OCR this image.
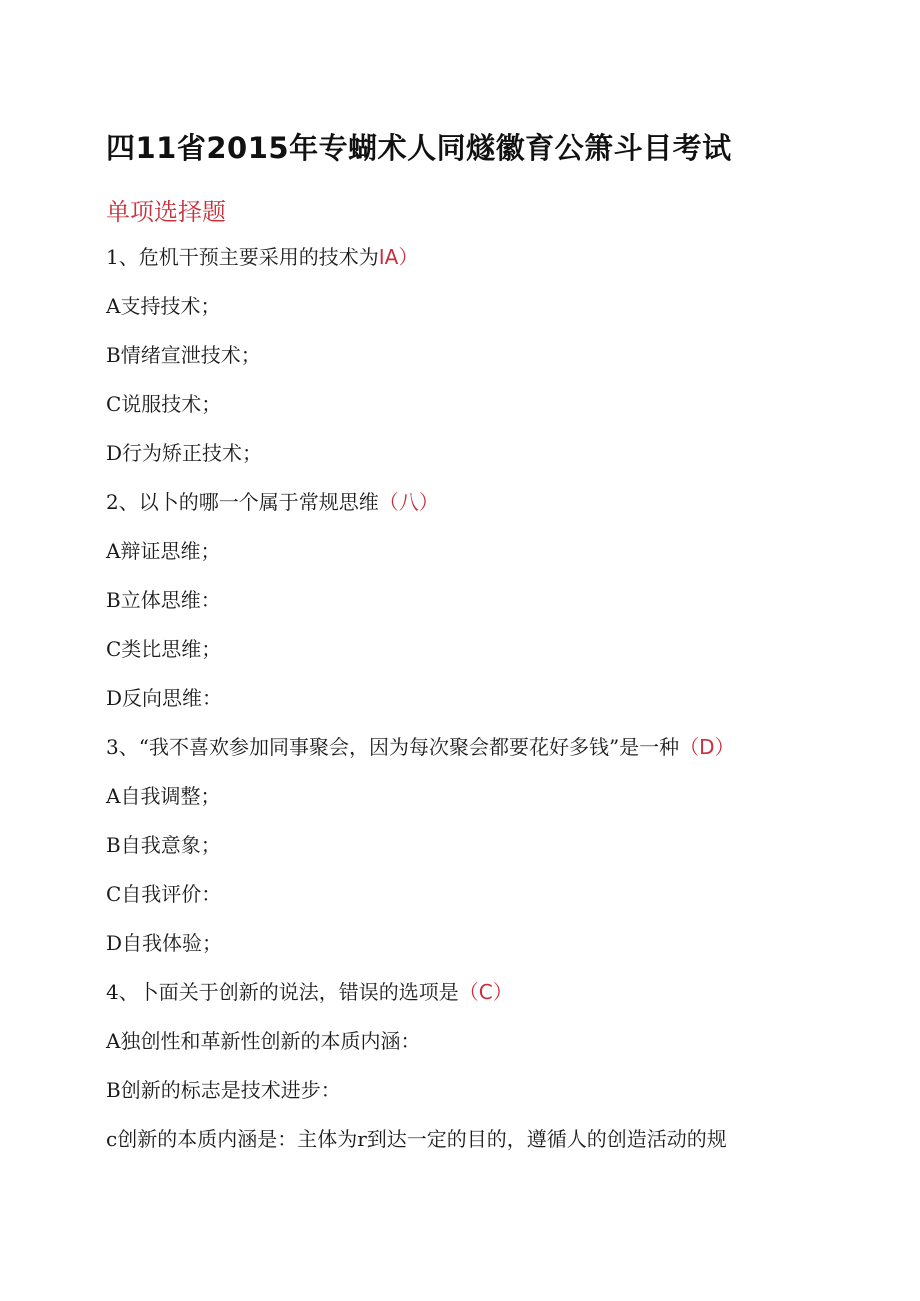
四11省2015年专蝴术人同燧徽育公箫斗目考试
单项选择题
1、危机干预主要采用的技术为IA）
A支持技术；
B情绪宣泄技术；
C说服技术；
D行为矫正技术；
2、以卜的哪一个属于常规思维（八）
A辩证思维；
B立体思维：
C类比思维；
D反向思维：
3、“我不喜欢参加同事聚会，因为每次聚会都要花好多钱”是一种（D）
A自我调整；
B自我意象；
C自我评价：
D自我体验；
4、卜面关于创新的说法，错误的选项是（C）
A独创性和革新性创新的本质内涵：
B创新的标志是技术进步：
c创新的本质内涵是：主体为r到达一定的目的，遵循人的创造活动的规
